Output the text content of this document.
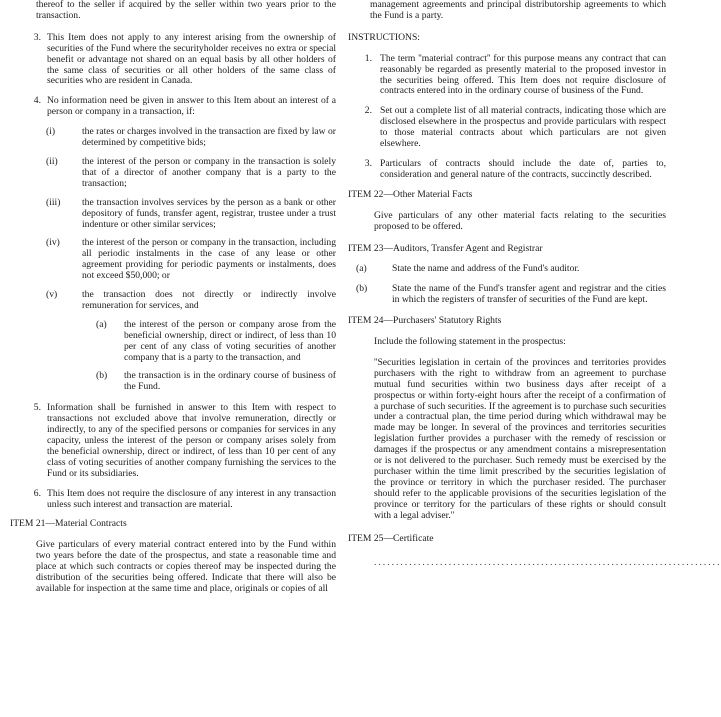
thereof to the seller if acquired by the seller within two years prior to the transaction.

3. This Item does not apply to any interest arising from the ownership of securities of the Fund where the securityholder receives no extra or special benefit or advantage not shared on an equal basis by all other holders of the same class of securities or all other holders of the same class of securities who are resident in Canada.
4. No information need be given in answer to this Item about an interest of a person or company in a transaction, if:
(i)	the rates or charges involved in the transaction are fixed by law or determined by competitive bids;
(ii)	the interest of the person or company in the transaction is solely that of a director of another company that is a party to the transaction;
(iii)	the transaction involves services by the person as a bank or other depository of funds, transfer agent, registrar, trustee under a trust indenture or other similar services;
(iv)	the interest of the person or company in the transaction, including all periodic instalments in the case of any lease or other agreement providing for periodic payments or instalments, does not exceed $50,000; or
(v)	the transaction does not directly or indirectly involve remuneration for services, and
(a)	the interest of the person or company arose from the beneficial ownership, direct or indirect, of less than 10 per cent of any class of voting securities of another company that is a party to the transaction, and
(b)	the transaction is in the ordinary course of business of the Fund.
5. Information shall be furnished in answer to this Item with respect to transactions not excluded above that involve remuneration, directly or indirectly, to any of the specified persons or companies for services in any capacity, unless the interest of the person or company arises solely from the beneficial ownership, direct or indirect, of less than 10 per cent of any class of voting securities of another company furnishing the services to the Fund or its subsidiaries.
6. This Item does not require the disclosure of any interest in any transaction unless such interest and transaction are material.
ITEM 21—Material Contracts

Give particulars of every material contract entered into by the Fund within two years before the date of the prospectus, and state a reasonable time and place at which such contracts or copies thereof may be inspected during the distribution of the securities being offered. Indicate that there will also be available for inspection at the same time and place, originals or copies of all

management agreements and principal distributorship agreements to which the Fund is a party.

INSTRUCTIONS:
1. The term ''material contract'' for this purpose means any contract that can reasonably be regarded as presently material to the proposed investor in the securities being offered. This Item does not require disclosure of contracts entered into in the ordinary course of business of the Fund.
2. Set out a complete list of all material contracts, indicating those which are disclosed elsewhere in the prospectus and provide particulars with respect to those material contracts about which particulars are not given elsewhere.
3. Particulars of contracts should include the date of, parties to, consideration and general nature of the contracts, succinctly described.
ITEM 22—Other Material Facts

Give particulars of any other material facts relating to the securities proposed to be offered.

ITEM 23—Auditors, Transfer Agent and Registrar
(a)	State the name and address of the Fund's auditor.
(b)	State the name of the Fund's transfer agent and registrar and the cities in which the registers of transfer of securities of the Fund are kept.
ITEM 24—Purchasers' Statutory Rights

Include the following statement in the prospectus:

''Securities legislation in certain of the provinces and territories provides purchasers with the right to withdraw from an agreement to purchase mutual fund securities within two business days after receipt of a prospectus or within forty-eight hours after the receipt of a confirmation of a purchase of such securities. If the agreement is to purchase such securities under a contractual plan, the time period during which withdrawal may be made may be longer. In several of the provinces and territories securities legislation further provides a purchaser with the remedy of rescission or damages if the prospectus or any amendment contains a misrepresentation or is not delivered to the purchaser. Such remedy must be exercised by the purchaser within the time limit prescribed by the securities legislation of the province or territory in which the purchaser resided. The purchaser should refer to the applicable provisions of the securities legislation of the province or territory for the particulars of these rights or should consult with a legal adviser.''

ITEM 25—Certificate
...............................................................................
